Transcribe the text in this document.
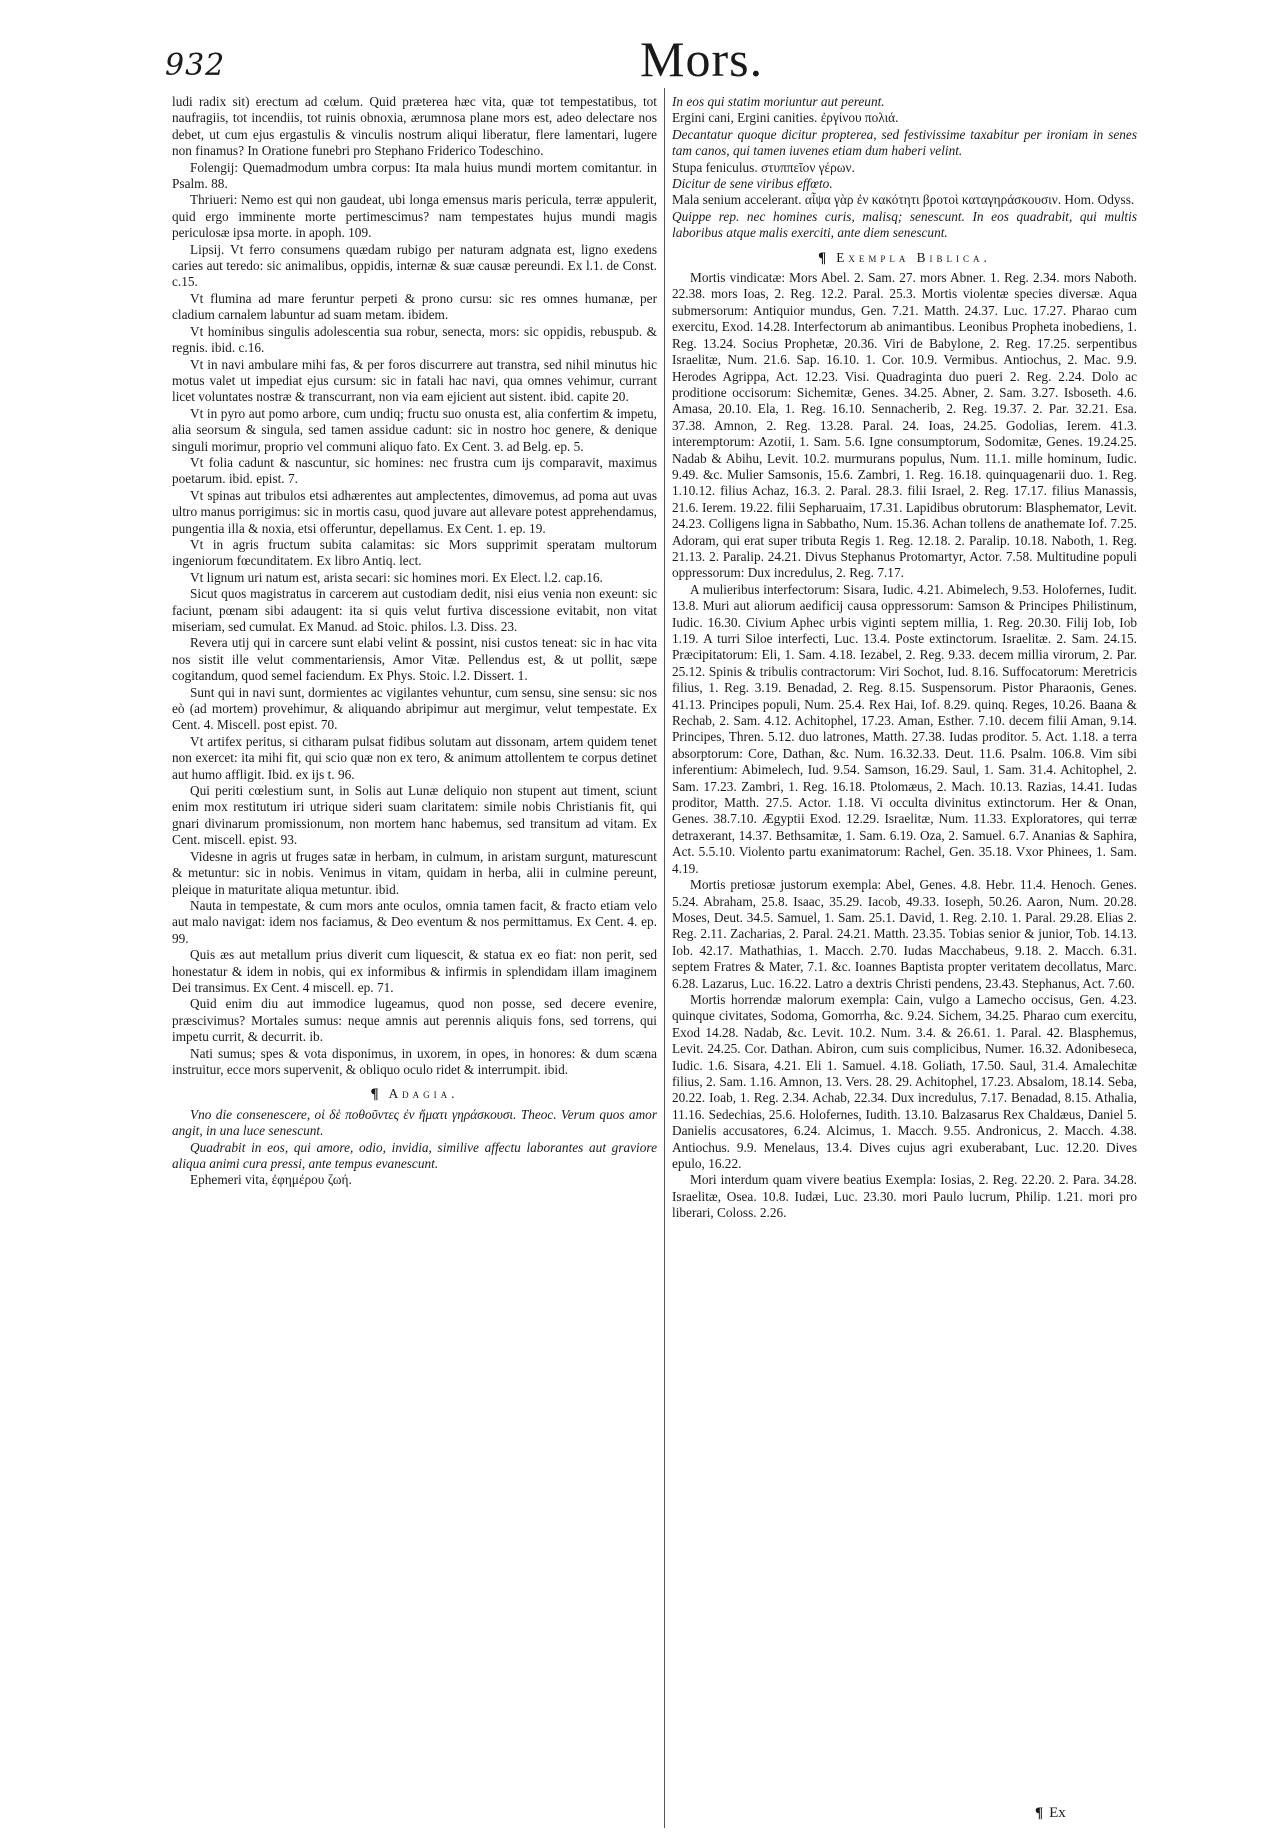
932	Mors.

ludi radix sit) erectum ad cœlum. Quid præterea hæc vita, quæ tot tempestatibus, tot naufragiis, tot incendiis, tot ruinis obnoxia, ærumnosa plane mors est, adeo delectare nos debet, ut cum ejus ergastulis & vinculis nostrum aliqui liberatur, flere lamentari, lugere non finamus? In Oratione funebri pro Stephano Friderico Todeschino.

Folengij: Quemadmodum umbra corpus: Ita mala huius mundi mortem comitantur. in Psalm. 88.

Thriueri: Nemo est qui non gaudeat, ubi longa emensus maris pericula, terræ appulerit, quid ergo imminente morte pertimescimus? nam tempestates hujus mundi magis periculosæ ipsa morte. in apoph. 109.

Lipsij. Vt ferro consumens quædam rubigo per naturam adgnata est, ligno exedens caries aut teredo: sic animalibus, oppidis, internæ & suæ causæ pereundi. Ex l.1. de Const. c.15.

Vt flumina ad mare feruntur perpeti & prono cursu: sic res omnes humanæ, per cladium carnalem labuntur ad suam metam. ibidem.

Vt hominibus singulis adolescentia sua robur, senecta, mors: sic oppidis, rebuspub. & regnis. ibid. c.16.

Vt in navi ambulare mihi fas, & per foros discurrere aut transtra, sed nihil minutus hic motus valet ut impediat ejus cursum: sic in fatali hac navi, qua omnes vehimur, currant licet voluntates nostræ & transcurrant, non via eam ejicient aut sistent. ibid. capite 20.

Vt in pyro aut pomo arbore, cum undiq; fructu suo onusta est, alia confertim & impetu, alia seorsum & singula, sed tamen assidue cadunt: sic in nostro hoc genere, & denique singuli morimur, proprio vel communi aliquo fato. Ex Cent. 3. ad Belg. ep. 5.

Vt folia cadunt & nascuntur, sic homines: nec frustra cum ijs comparavit, maximus poetarum. ibid. epist. 7.

Vt spinas aut tribulos etsi adhærentes aut amplectentes, dimovemus, ad poma aut uvas ultro manus porrigimus: sic in mortis casu, quod juvare aut allevare potest apprehendamus, pungentia illa & noxia, etsi offeruntur, depellamus. Ex Cent. 1. ep. 19.

Vt in agris fructum subita calamitas: sic Mors supprimit speratam multorum ingeniorum fœcunditatem. Ex libro Antiq. lect.

Vt lignum uri natum est, arista secari: sic homines mori. Ex Elect. l.2. cap.16.

Sicut quos magistratus in carcerem aut custodiam dedit, nisi eius venia non exeunt: sic faciunt, pœnam sibi adaugent: ita si quis velut furtiva discessione evitabit, non vitat miseriam, sed cumulat. Ex Manud. ad Stoic. philos. l.3. Diss. 23.

Revera utij qui in carcere sunt elabi velint & possint, nisi custos teneat: sic in hac vita nos sistit ille velut commentariensis, Amor Vitæ. Pellendus est, & ut pollit, sæpe cogitandum, quod semel faciendum. Ex Phys. Stoic. l.2. Dissert. 1.

Sunt qui in navi sunt, dormientes ac vigilantes vehuntur, cum sensu, sine sensu: sic nos eò (ad mortem) provehimur, & aliquando abripimur aut mergimur, velut tempestate. Ex Cent. 4. Miscell. post epist. 70.

Vt artifex peritus, si citharam pulsat fidibus solutam aut dissonam, artem quidem tenet non exercet: ita mihi fit, qui scio quæ non ex tero, & animum attollentem te corpus detinet aut humo affligit. Ibid. ex ijs t. 96.

Qui periti cœlestium sunt, in Solis aut Lunæ deliquio non stupent aut timent, sciunt enim mox restitutum iri utrique sideri suam claritatem: simile nobis Christianis fit, qui gnari divinarum promissionum, non mortem hanc habemus, sed transitum ad vitam. Ex Cent. miscell. epist. 93.

Videsne in agris ut fruges satæ in herbam, in culmum, in aristam surgunt, maturescunt & metuntur: sic in nobis. Venimus in vitam, quidam in herba, alii in culmine pereunt, pleique in maturitate aliqua metuntur. ibid.

Nauta in tempestate, & cum mors ante oculos, omnia tamen facit, & fracto etiam velo aut malo navigat: idem nos faciamus, & Deo eventum & nos permittamus. Ex Cent. 4. ep. 99.

Quis æs aut metallum prius diverit cum liquescit, & statua ex eo fiat: non perit, sed honestatur & idem in nobis, qui ex informibus & infirmis in splendidam illam imaginem Dei transimus. Ex Cent. 4 miscell. ep. 71.

Quid enim diu aut immodice lugeamus, quod non posse, sed decere evenire, præscivimus? Mortales sumus: neque amnis aut perennis aliquis fons, sed torrens, qui impetu currit, & decurrit. ib.

Nati sumus; spes & vota disponimus, in uxorem, in opes, in honores: & dum scæna instruitur, ecce mors supervenit, & obliquo oculo ridet & interrumpit. ibid.

¶ Adagia.

Vno die consenescere, οἱ δὲ ποθοῦντες ἐν ἤματι γηράσκουσι. Theoc. Verum quos amor angit, in una luce senescunt.

Quadrabit in eos, qui amore, odio, invidia, similive affectu laborantes aut graviore aliqua animi cura pressi, ante tempus evanescunt.

Ephemeri vita, ἐφημέρου ζωή.

In eos qui statim moriuntur aut pereunt.

Ergini cani, Ergini canities. ἐργίνου πολιά.

Decantatur quoque dicitur propterea, sed festivissime taxabitur per ironiam in senes tam canos, qui tamen iuvenes etiam dum haberi velint.

Stupa feniculus. στυππεῖον γέρων.

Dicitur de sene viribus effœto.

Mala senium accelerant. αἶψα γὰρ ἐν κακότητι βροτοὶ καταγηράσκουσιν. Hom. Odyss.

Quippe rep. nec homines curis, malisq; senescunt. In eos quadrabit, qui multis laboribus atque malis exerciti, ante diem senescunt.

¶ Exempla Biblica.

Mortis vindicatæ: Mors Abel. 2. Sam. 27. mors Abner. 1. Reg. 2.34. mors Naboth. 22.38. mors Ioas, 2. Reg. 12.2. Paral. 25.3. Mortis violentæ species diversæ. Aqua submersorum: Antiquior mundus, Gen. 7.21. Matth. 24.37. Luc. 17.27. Pharao cum exercitu, Exod. 14.28. Interfectorum ab animantibus. Leonibus Propheta inobediens, 1. Reg. 13.24. Socius Prophetæ, 20.36. Viri de Babylone, 2. Reg. 17.25. serpentibus Israelitæ, Num. 21.6. Sap. 16.10. 1. Cor. 10.9. Vermibus. Antiochus, 2. Mac. 9.9. Herodes Agrippa, Act. 12.23. Visi. Quadraginta duo pueri 2. Reg. 2.24. Dolo ac proditione occisorum: Sichemitæ, Genes. 34.25. Abner, 2. Sam. 3.27. Isboseth. 4.6. Amasa, 20.10. Ela, 1. Reg. 16.10. Sennacherib, 2. Reg. 19.37. 2. Par. 32.21. Esa. 37.38. Amnon, 2. Reg. 13.28. Paral. 24. Ioas, 24.25. Godolias, Ierem. 41.3. interemptorum: Azotii, 1. Sam. 5.6. Igne consumptorum, Sodomitæ, Genes. 19.24.25. Nadab & Abihu, Levit. 10.2. murmurans populus, Num. 11.1. mille hominum, Iudic. 9.49. &c. Mulier Samsonis, 15.6. Zambri, 1. Reg. 16.18. quinquagenarii duo. 1. Reg. 1.10.12. filius Achaz, 16.3. 2. Paral. 28.3. filii Israel, 2. Reg. 17.17. filius Manassis, 21.6. Ierem. 19.22. filii Sepharuaim, 17.31. Lapidibus obrutorum: Blasphemator, Levit. 24.23. Colligens ligna in Sabbatho, Num. 15.36. Achan tollens de anathemate Iof. 7.25. Adoram, qui erat super tributa Regis 1. Reg. 12.18. 2. Paralip. 10.18. Naboth, 1. Reg. 21.13. 2. Paralip. 24.21. Divus Stephanus Protomartyr, Actor. 7.58. Multitudine populi oppressorum: Dux incredulus, 2. Reg. 7.17.

A mulieribus interfectorum: Sisara, Iudic. 4.21. Abimelech, 9.53. Holofernes, Iudit. 13.8. Muri aut aliorum aedificij causa oppressorum: Samson & Principes Philistinum, Iudic. 16.30. Civium Aphec urbis viginti septem millia, 1. Reg. 20.30. Filij Iob, Iob 1.19. A turri Siloe interfecti, Luc. 13.4. Poste extinctorum. Israelitæ. 2. Sam. 24.15. Præcipitatorum: Eli, 1. Sam. 4.18. Iezabel, 2. Reg. 9.33. decem millia virorum, 2. Par. 25.12. Spinis & tribulis contractorum: Viri Sochot, Iud. 8.16. Suffocatorum: Meretricis filius, 1. Reg. 3.19. Benadad, 2. Reg. 8.15. Suspensorum. Pistor Pharaonis, Genes. 41.13. Principes populi, Num. 25.4. Rex Hai, Iof. 8.29. quinq. Reges, 10.26. Baana & Rechab, 2. Sam. 4.12. Achitophel, 17.23. Aman, Esther. 7.10. decem filii Aman, 9.14. Principes, Thren. 5.12. duo latrones, Matth. 27.38. Iudas proditor. 5. Act. 1.18. a terra absorptorum: Core, Dathan, &c. Num. 16.32.33. Deut. 11.6. Psalm. 106.8. Vim sibi inferentium: Abimelech, Iud. 9.54. Samson, 16.29. Saul, 1. Sam. 31.4. Achitophel, 2. Sam. 17.23. Zambri, 1. Reg. 16.18. Ptolomæus, 2. Mach. 10.13. Razias, 14.41. Iudas proditor, Matth. 27.5. Actor. 1.18. Vi occulta divinitus extinctorum. Her & Onan, Genes. 38.7.10. Ægyptii Exod. 12.29. Israelitæ, Num. 11.33. Exploratores, qui terræ detraxerant, 14.37. Bethsamitæ, 1. Sam. 6.19. Oza, 2. Samuel. 6.7. Ananias & Saphira, Act. 5.5.10. Violento partu exanimatorum: Rachel, Gen. 35.18. Vxor Phinees, 1. Sam. 4.19.

Mortis pretiosæ justorum exempla: Abel, Genes. 4.8. Hebr. 11.4. Henoch. Genes. 5.24. Abraham, 25.8. Isaac, 35.29. Iacob, 49.33. Ioseph, 50.26. Aaron, Num. 20.28. Moses, Deut. 34.5. Samuel, 1. Sam. 25.1. David, 1. Reg. 2.10. 1. Paral. 29.28. Elias 2. Reg. 2.11. Zacharias, 2. Paral. 24.21. Matth. 23.35. Tobias senior & junior, Tob. 14.13. Iob. 42.17. Mathathias, 1. Macch. 2.70. Iudas Macchabeus, 9.18. 2. Macch. 6.31. septem Fratres & Mater, 7.1. &c. Ioannes Baptista propter veritatem decollatus, Marc. 6.28. Lazarus, Luc. 16.22. Latro a dextris Christi pendens, 23.43. Stephanus, Act. 7.60.

Mortis horrendæ malorum exempla: Cain, vulgo a Lamecho occisus, Gen. 4.23. quinque civitates, Sodoma, Gomorrha, &c. 9.24. Sichem, 34.25. Pharao cum exercitu, Exod 14.28. Nadab, &c. Levit. 10.2. Num. 3.4. & 26.61. 1. Paral. 42. Blasphemus, Levit. 24.25. Cor. Dathan. Abiron, cum suis complicibus, Numer. 16.32. Adonibeseca, Iudic. 1.6. Sisara, 4.21. Eli 1. Samuel. 4.18. Goliath, 17.50. Saul, 31.4. Amalechitæ filius, 2. Sam. 1.16. Amnon, 13. Vers. 28. 29. Achitophel, 17.23. Absalom, 18.14. Seba, 20.22. Ioab, 1. Reg. 2.34. Achab, 22.34. Dux incredulus, 7.17. Benadad, 8.15. Athalia, 11.16. Sedechias, 25.6. Holofernes, Iudith. 13.10. Balzasarus Rex Chaldæus, Daniel 5. Danielis accusatores, 6.24. Alcimus, 1. Macch. 9.55. Andronicus, 2. Macch. 4.38. Antiochus. 9.9. Menelaus, 13.4. Dives cujus agri exuberabant, Luc. 12.20. Dives epulo, 16.22.

Mori interdum quam vivere beatius Exempla: Iosias, 2. Reg. 22.20. 2. Para. 34.28. Israelitæ, Osea. 10.8. Iudæi, Luc. 23.30. mori Paulo lucrum, Philip. 1.21. mori pro liberari, Coloss. 2.26.

¶ Ex
